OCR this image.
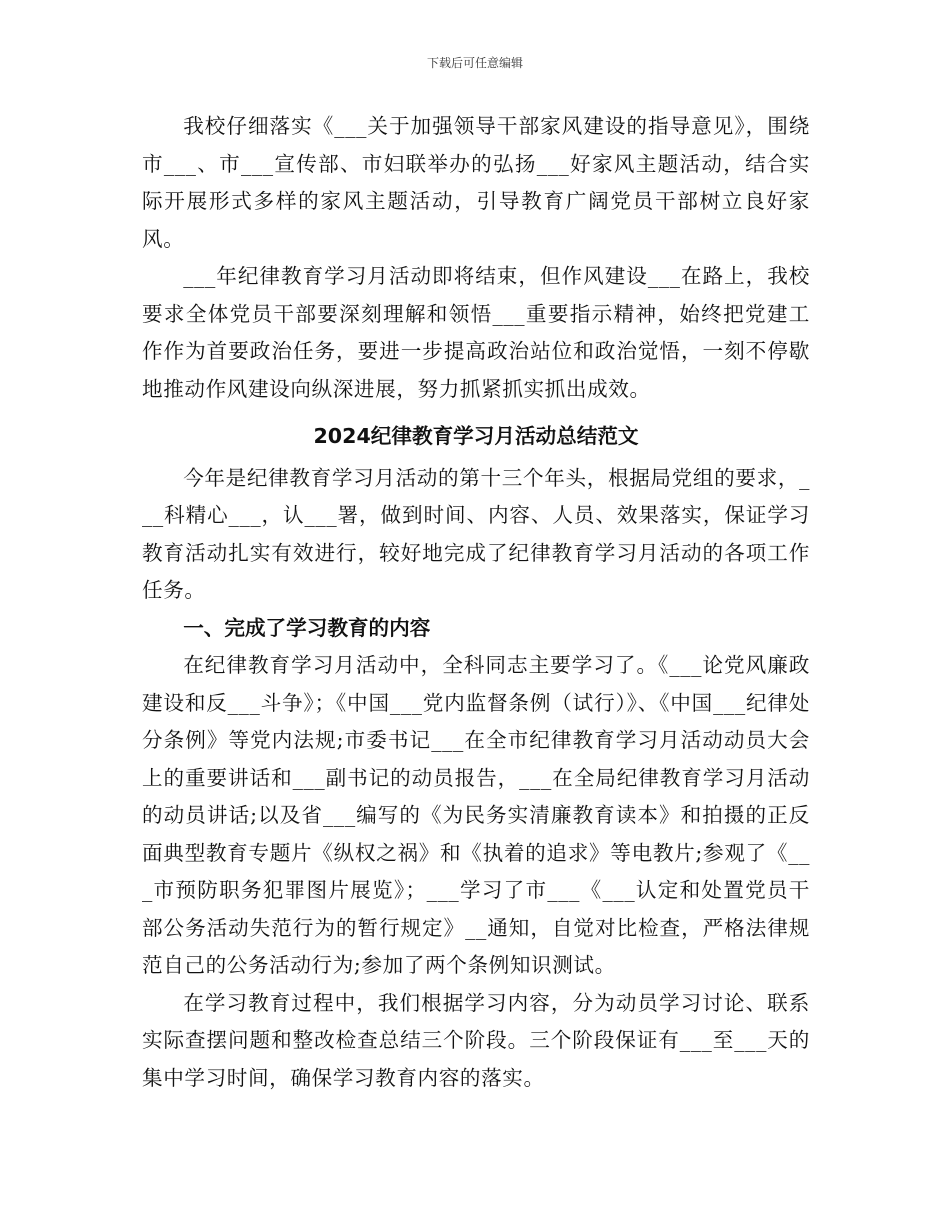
下载后可任意编辑

我校仔细落实《___关于加强领导干部家风建设的指导意见》，围绕市___、市___宣传部、市妇联举办的弘扬___好家风主题活动，结合实际开展形式多样的家风主题活动，引导教育广阔党员干部树立良好家风。

___年纪律教育学习月活动即将结束，但作风建设___在路上，我校要求全体党员干部要深刻理解和领悟___重要指示精神，始终把党建工作作为首要政治任务，要进一步提高政治站位和政治觉悟，一刻不停歇地推动作风建设向纵深进展，努力抓紧抓实抓出成效。

2024纪律教育学习月活动总结范文

今年是纪律教育学习月活动的第十三个年头，根据局党组的要求，___科精心___，认___署，做到时间、内容、人员、效果落实，保证学习教育活动扎实有效进行，较好地完成了纪律教育学习月活动的各项工作任务。

一、完成了学习教育的内容

在纪律教育学习月活动中，全科同志主要学习了。《___论党风廉政建设和反___斗争》；《中国___党内监督条例（试行）》、《中国___纪律处分条例》等党内法规;市委书记___在全市纪律教育学习月活动动员大会上的重要讲话和___副书记的动员报告，___在全局纪律教育学习月活动的动员讲话;以及省___编写的《为民务实清廉教育读本》和拍摄的正反面典型教育专题片《纵权之祸》和《执着的追求》等电教片;参观了《___市预防职务犯罪图片展览》；___学习了市___《___认定和处置党员干部公务活动失范行为的暂行规定》__通知，自觉对比检查，严格法律规范自己的公务活动行为;参加了两个条例知识测试。

在学习教育过程中，我们根据学习内容，分为动员学习讨论、联系实际查摆问题和整改检查总结三个阶段。三个阶段保证有___至___天的集中学习时间，确保学习教育内容的落实。
